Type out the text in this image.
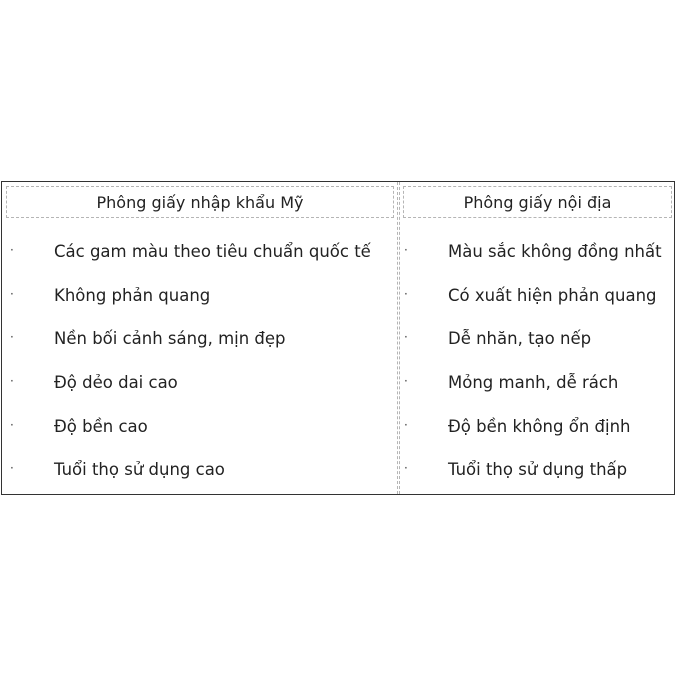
Phông giấy nhập khẩu Mỹ
· Các gam màu theo tiêu chuẩn quốc tế
· Không phản quang
· Nền bối cảnh sáng, mịn đẹp
· Độ dẻo dai cao
· Độ bền cao
· Tuổi thọ sử dụng cao
Phông giấy nội địa
· Màu sắc không đồng nhất
· Có xuất hiện phản quang
· Dễ nhăn, tạo nếp
· Mỏng manh, dễ rách
· Độ bền không ổn định
· Tuổi thọ sử dụng thấp
